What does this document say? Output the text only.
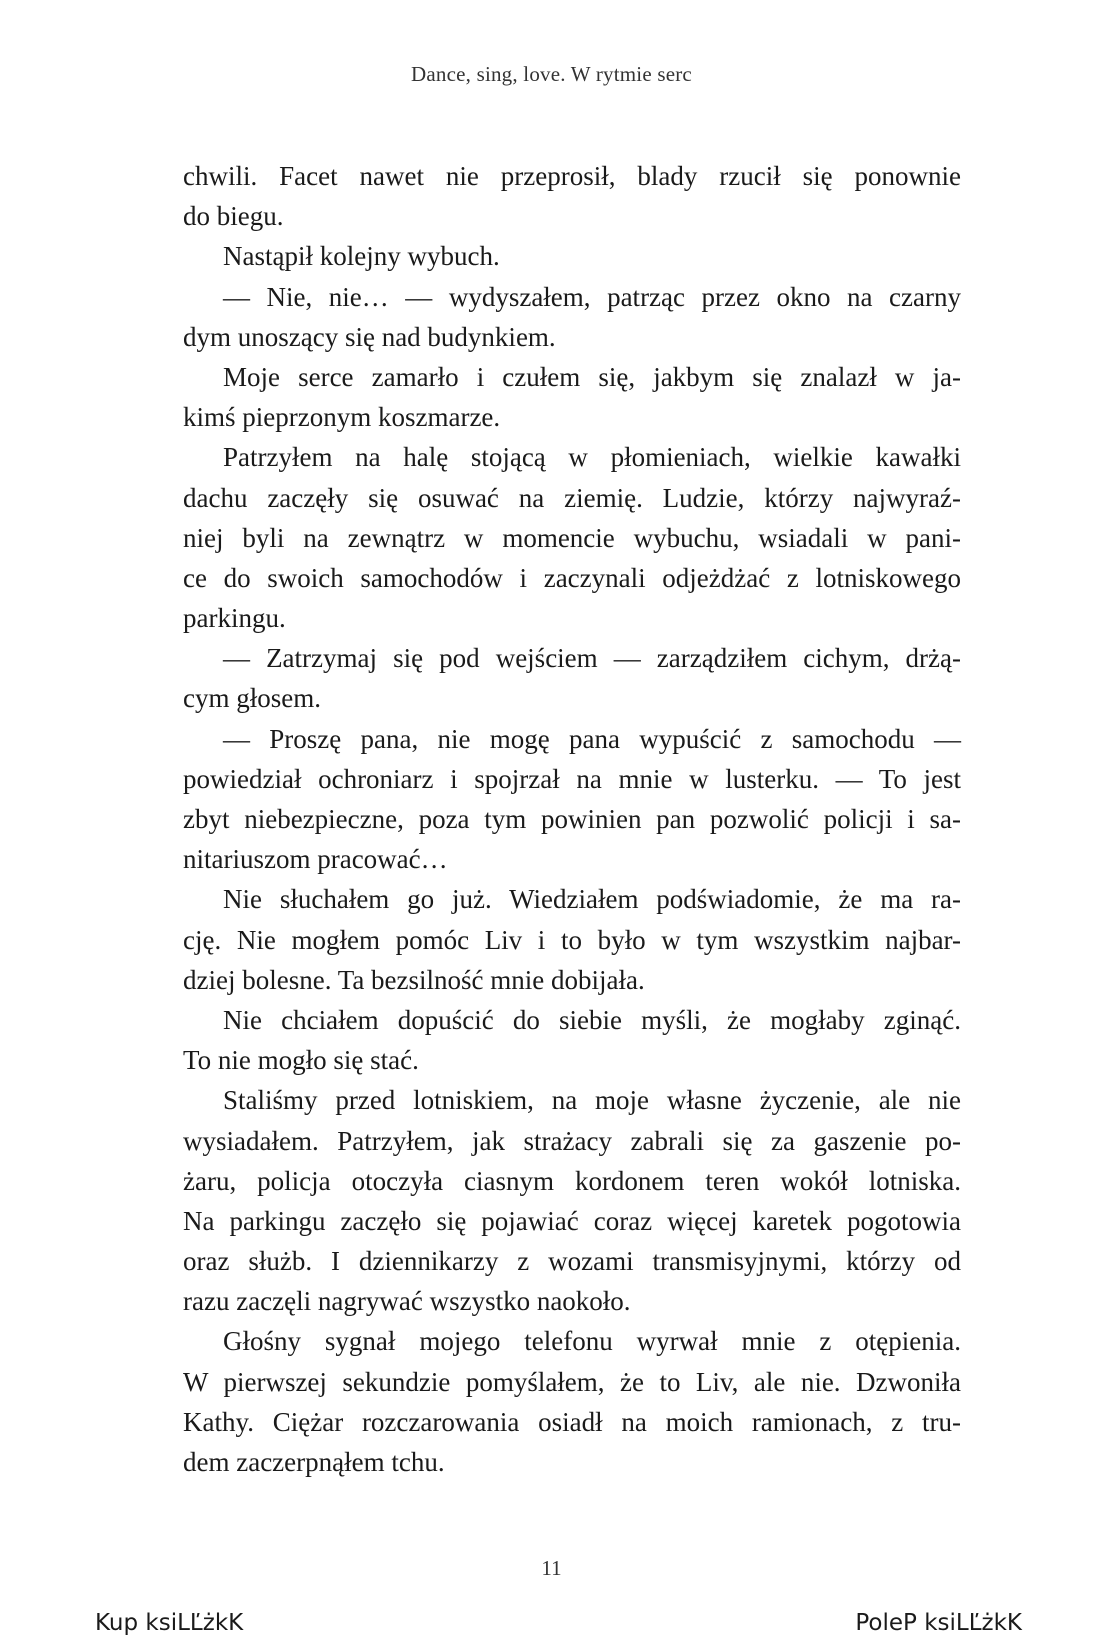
Dance, sing, love. W rytmie serc
chwili. Facet nawet nie przeprosił, blady rzucił się ponownie
do biegu.
Nastąpił kolejny wybuch.
— Nie, nie… — wydyszałem, patrząc przez okno na czarny
dym unoszący się nad budynkiem.
Moje serce zamarło i czułem się, jakbym się znalazł w ja-
kimś pieprzonym koszmarze.
Patrzyłem na halę stojącą w płomieniach, wielkie kawałki
dachu zaczęły się osuwać na ziemię. Ludzie, którzy najwyraź-
niej byli na zewnątrz w momencie wybuchu, wsiadali w pani-
ce do swoich samochodów i zaczynali odjeżdżać z lotniskowego
parkingu.
— Zatrzymaj się pod wejściem — zarządziłem cichym, drżą-
cym głosem.
— Proszę pana, nie mogę pana wypuścić z samochodu —
powiedział ochroniarz i spojrzał na mnie w lusterku. — To jest
zbyt niebezpieczne, poza tym powinien pan pozwolić policji i sa-
nitariuszom pracować…
Nie słuchałem go już. Wiedziałem podświadomie, że ma ra-
cję. Nie mogłem pomóc Liv i to było w tym wszystkim najbar-
dziej bolesne. Ta bezsilność mnie dobijała.
Nie chciałem dopuścić do siebie myśli, że mogłaby zginąć.
To nie mogło się stać.
Staliśmy przed lotniskiem, na moje własne życzenie, ale nie
wysiadałem. Patrzyłem, jak strażacy zabrali się za gaszenie po-
żaru, policja otoczyła ciasnym kordonem teren wokół lotniska.
Na parkingu zaczęło się pojawiać coraz więcej karetek pogotowia
oraz służb. I dziennikarzy z wozami transmisyjnymi, którzy od
razu zaczęli nagrywać wszystko naokoło.
Głośny sygnał mojego telefonu wyrwał mnie z otępienia.
W pierwszej sekundzie pomyślałem, że to Liv, ale nie. Dzwoniła
Kathy. Ciężar rozczarowania osiadł na moich ramionach, z tru-
dem zaczerpnąłem tchu.
11
Kup ksiLĽżkK	PoleP ksiLĽżkK
